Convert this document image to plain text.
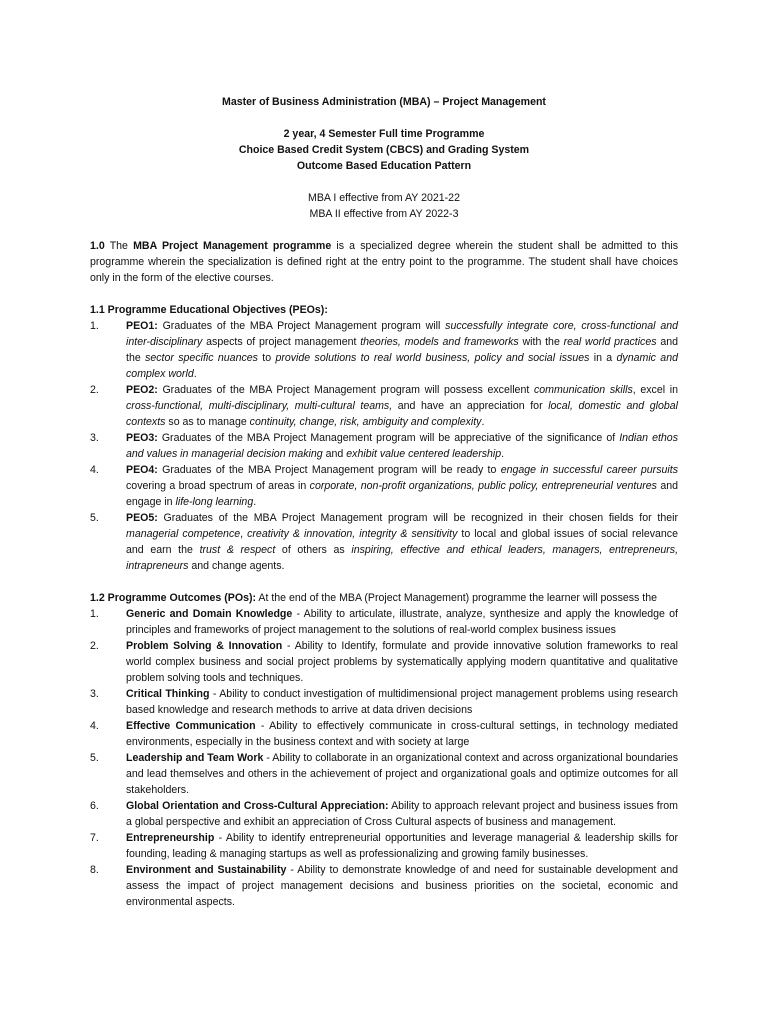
Master of Business Administration (MBA) – Project Management
2 year, 4 Semester Full time Programme
Choice Based Credit System (CBCS) and Grading System
Outcome Based Education Pattern
MBA I effective from AY 2021-22
MBA II effective from AY 2022-3

1.0 The MBA Project Management programme is a specialized degree wherein the student shall be admitted to this programme wherein the specialization is defined right at the entry point to the programme. The student shall have choices only in the form of the elective courses.

1.1 Programme Educational Objectives (PEOs):
1.	PEO1: Graduates of the MBA Project Management program will successfully integrate core, cross-functional and inter-disciplinary aspects of project management theories, models and frameworks with the real world practices and the sector specific nuances to provide solutions to real world business, policy and social issues in a dynamic and complex world.
2.	PEO2: Graduates of the MBA Project Management program will possess excellent communication skills, excel in cross-functional, multi-disciplinary, multi-cultural teams, and have an appreciation for local, domestic and global contexts so as to manage continuity, change, risk, ambiguity and complexity.
3.	PEO3: Graduates of the MBA Project Management program will be appreciative of the significance of Indian ethos and values in managerial decision making and exhibit value centered leadership.
4.	PEO4: Graduates of the MBA Project Management program will be ready to engage in successful career pursuits covering a broad spectrum of areas in corporate, non-profit organizations, public policy, entrepreneurial ventures and engage in life-long learning.
5.	PEO5: Graduates of the MBA Project Management program will be recognized in their chosen fields for their managerial competence, creativity & innovation, integrity & sensitivity to local and global issues of social relevance and earn the trust & respect of others as inspiring, effective and ethical leaders, managers, entrepreneurs, intrapreneurs and change agents.

1.2 Programme Outcomes (POs): At the end of the MBA (Project Management) programme the learner will possess the

1.	Generic and Domain Knowledge - Ability to articulate, illustrate, analyze, synthesize and apply the knowledge of principles and frameworks of project management to the solutions of real-world complex business issues
2.	Problem Solving & Innovation - Ability to Identify, formulate and provide innovative solution frameworks to real world complex business and social project problems by systematically applying modern quantitative and qualitative problem solving tools and techniques.
3.	Critical Thinking - Ability to conduct investigation of multidimensional project management problems using research based knowledge and research methods to arrive at data driven decisions
4.	Effective Communication - Ability to effectively communicate in cross-cultural settings, in technology mediated environments, especially in the business context and with society at large
5.	Leadership and Team Work - Ability to collaborate in an organizational context and across organizational boundaries and lead themselves and others in the achievement of project and organizational goals and optimize outcomes for all stakeholders.
6.	Global Orientation and Cross-Cultural Appreciation: Ability to approach relevant project and business issues from a global perspective and exhibit an appreciation of Cross Cultural aspects of business and management.
7.	Entrepreneurship - Ability to identify entrepreneurial opportunities and leverage managerial & leadership skills for founding, leading & managing startups as well as professionalizing and growing family businesses.
8.	Environment and Sustainability - Ability to demonstrate knowledge of and need for sustainable development and assess the impact of project management decisions and business priorities on the societal, economic and environmental aspects.
